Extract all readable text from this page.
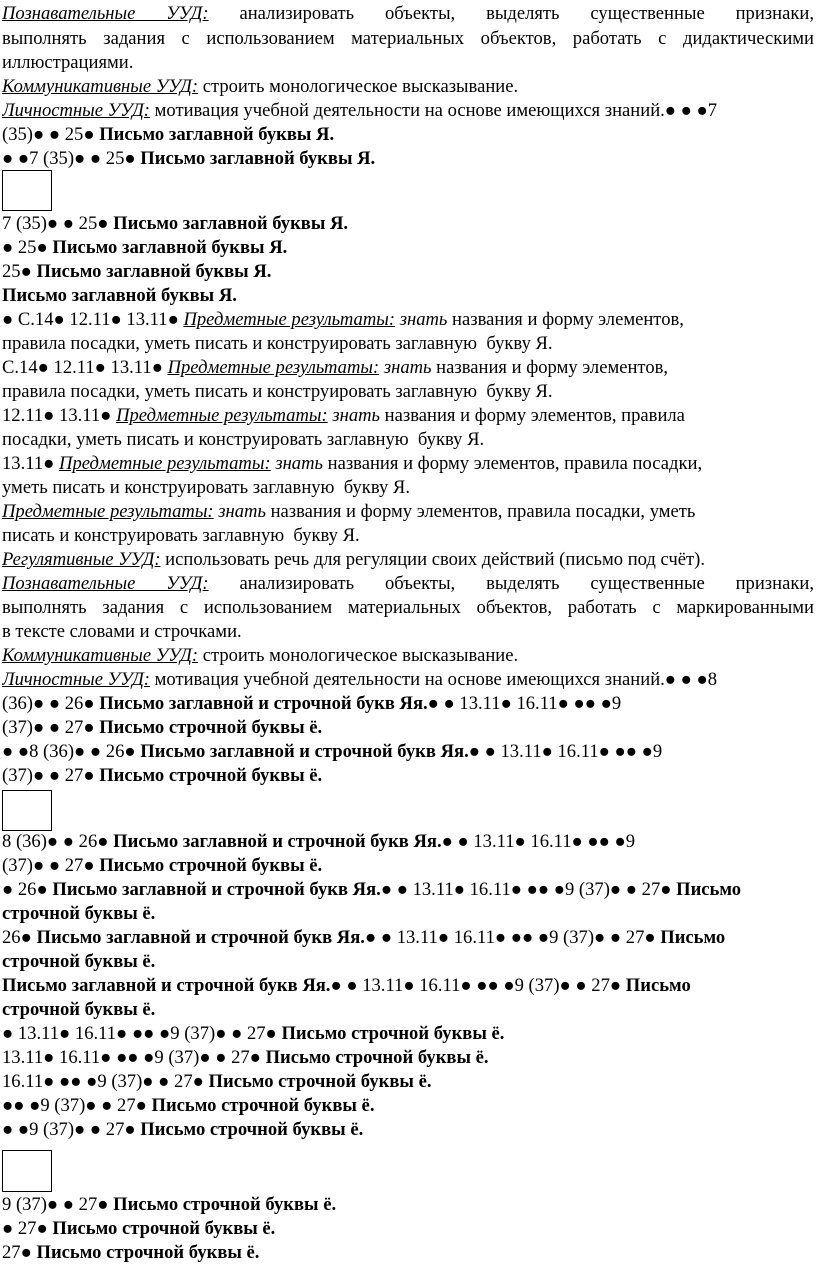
Познавательные   УУД:   анализировать   объекты,   выделять   существенные   признаки,
выполнять задания с использованием материальных объектов, работать с дидактическими
иллюстрациями.
Коммуникативные УУД: строить монологическое высказывание.
Личностные УУД: мотивация учебной деятельности на основе имеющихся знаний.● ● ●7
(35)● ● 25● Письмо заглавной буквы Я.
● ●7 (35)● ● 25● Письмо заглавной буквы Я.
7 (35)● ● 25● Письмо заглавной буквы Я.
● 25● Письмо заглавной буквы Я.
25● Письмо заглавной буквы Я.
Письмо заглавной буквы Я.
● С.14● 12.11● 13.11● Предметные результаты: знать названия и форму элементов,
правила посадки, уметь писать и конструировать заглавную  букву Я.
С.14● 12.11● 13.11● Предметные результаты: знать названия и форму элементов,
правила посадки, уметь писать и конструировать заглавную  букву Я.
12.11● 13.11● Предметные результаты: знать названия и форму элементов, правила
посадки, уметь писать и конструировать заглавную  букву Я.
13.11● Предметные результаты: знать названия и форму элементов, правила посадки,
уметь писать и конструировать заглавную  букву Я.
Предметные результаты: знать названия и форму элементов, правила посадки, уметь
писать и конструировать заглавную  букву Я.
Регулятивные УУД: использовать речь для регуляции своих действий (письмо под счёт).
Познавательные   УУД:   анализировать   объекты,   выделять   существенные   признаки,
выполнять задания с использованием материальных объектов, работать с маркированными
в тексте словами и строчками.
Коммуникативные УУД: строить монологическое высказывание.
Личностные УУД: мотивация учебной деятельности на основе имеющихся знаний.● ● ●8
(36)● ● 26● Письмо заглавной и строчной букв Яя.● ● 13.11● 16.11● ●● ●9
(37)● ● 27● Письмо строчной буквы ё.
● ●8 (36)● ● 26● Письмо заглавной и строчной букв Яя.● ● 13.11● 16.11● ●● ●9
(37)● ● 27● Письмо строчной буквы ё.
8 (36)● ● 26● Письмо заглавной и строчной букв Яя.● ● 13.11● 16.11● ●● ●9
(37)● ● 27● Письмо строчной буквы ё.
● 26● Письмо заглавной и строчной букв Яя.● ● 13.11● 16.11● ●● ●9 (37)● ● 27● Письмо
строчной буквы ё.
26● Письмо заглавной и строчной букв Яя.● ● 13.11● 16.11● ●● ●9 (37)● ● 27● Письмо
строчной буквы ё.
Письмо заглавной и строчной букв Яя.● ● 13.11● 16.11● ●● ●9 (37)● ● 27● Письмо
строчной буквы ё.
● 13.11● 16.11● ●● ●9 (37)● ● 27● Письмо строчной буквы ё.
13.11● 16.11● ●● ●9 (37)● ● 27● Письмо строчной буквы ё.
16.11● ●● ●9 (37)● ● 27● Письмо строчной буквы ё.
●● ●9 (37)● ● 27● Письмо строчной буквы ё.
● ●9 (37)● ● 27● Письмо строчной буквы ё.
9 (37)● ● 27● Письмо строчной буквы ё.
● 27● Письмо строчной буквы ё.
27● Письмо строчной буквы ё.
